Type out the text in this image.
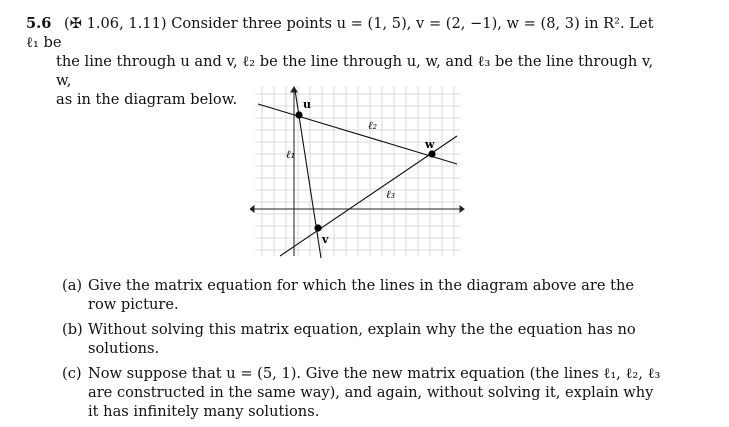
5.6 (✠ 1.06, 1.11) Consider three points u = (1, 5), v = (2, −1), w = (8, 3) in R². Let ℓ₁ be
the line through u and v, ℓ₂ be the line through u, w, and ℓ₃ be the line through v, w,
as in the diagram below.	u
v
w
ℓ₁
ℓ₂
ℓ₃
(a) Give the matrix equation for which the lines in the diagram above are the row picture.
(b) Without solving this matrix equation, explain why the the equation has no solutions.
(c) Now suppose that u = (5, 1). Give the new matrix equation (the lines ℓ₁, ℓ₂, ℓ₃ are constructed in the same way), and again, without solving it, explain why it has infinitely many solutions.
